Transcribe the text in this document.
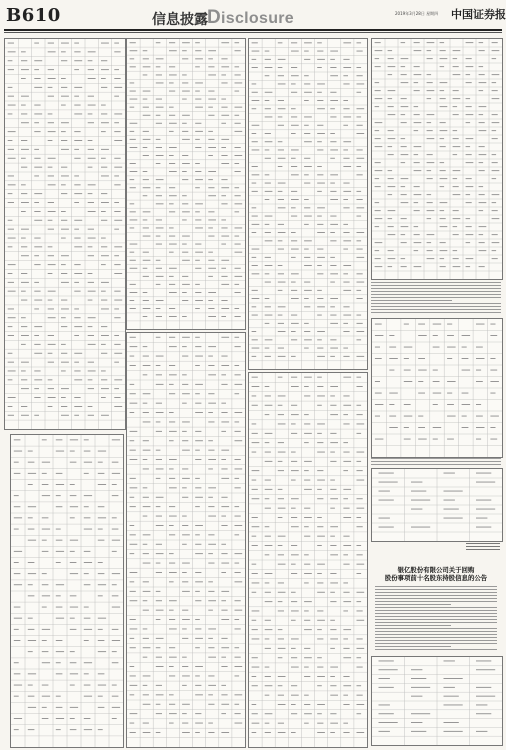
B610	信息披露 Disclosure	2019年3月28日 星期四 中国证券报
银亿股份有限公司关于回购
股份事项前十名股东持股信息的公告
